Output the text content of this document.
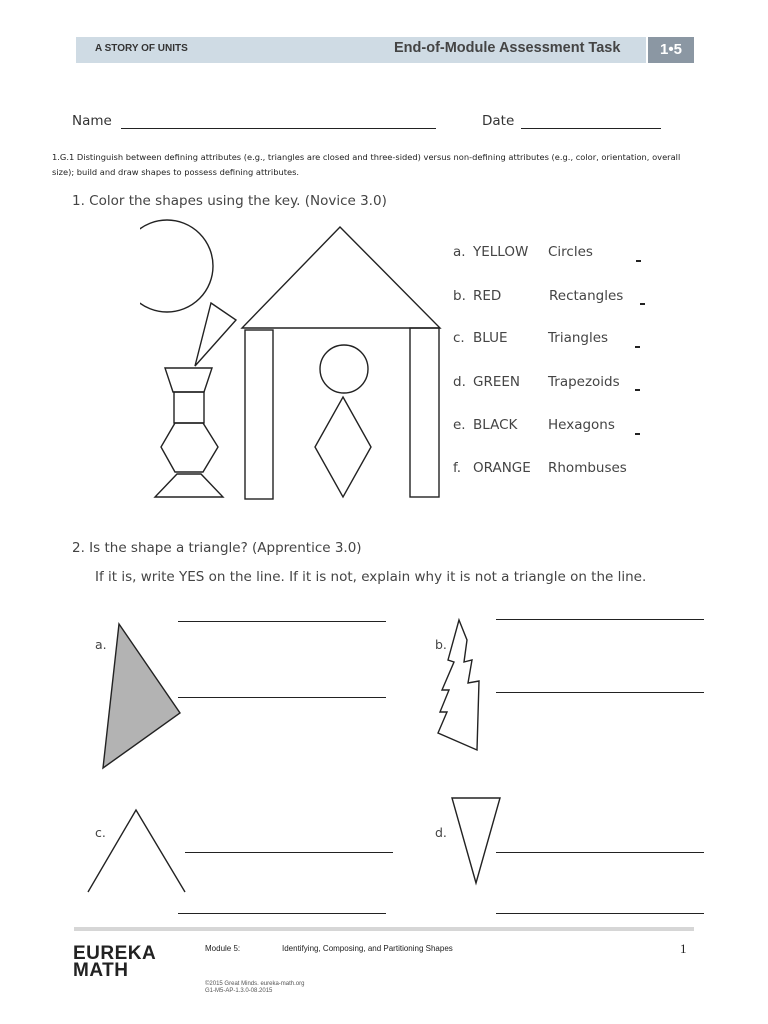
A STORY OF UNITS	End-of-Module Assessment Task	1•5
Name	Date
1.G.1 Distinguish between defining attributes (e.g., triangles are closed and three-sided) versus non-defining attributes (e.g., color, orientation, overall size); build and draw shapes to possess defining attributes.
1. Color the shapes using the key. (Novice 3.0)
a. YELLOW Circles
b. RED	Rectangles
c. BLUE	Triangles
d. GREEN Trapezoids
e. BLACK Hexagons
f. ORANGE Rhombuses
2. Is the shape a triangle? (Apprentice 3.0)
If it is, write YES on the line. If it is not, explain why it is not a triangle on the line.
a.	b.
c.	d.
EUREKA
MATH
Module 5:	Identifying, Composing, and Partitioning Shapes	1
©2015 Great Minds. eureka-math.org
G1-M5-AP-1.3.0-08.2015
